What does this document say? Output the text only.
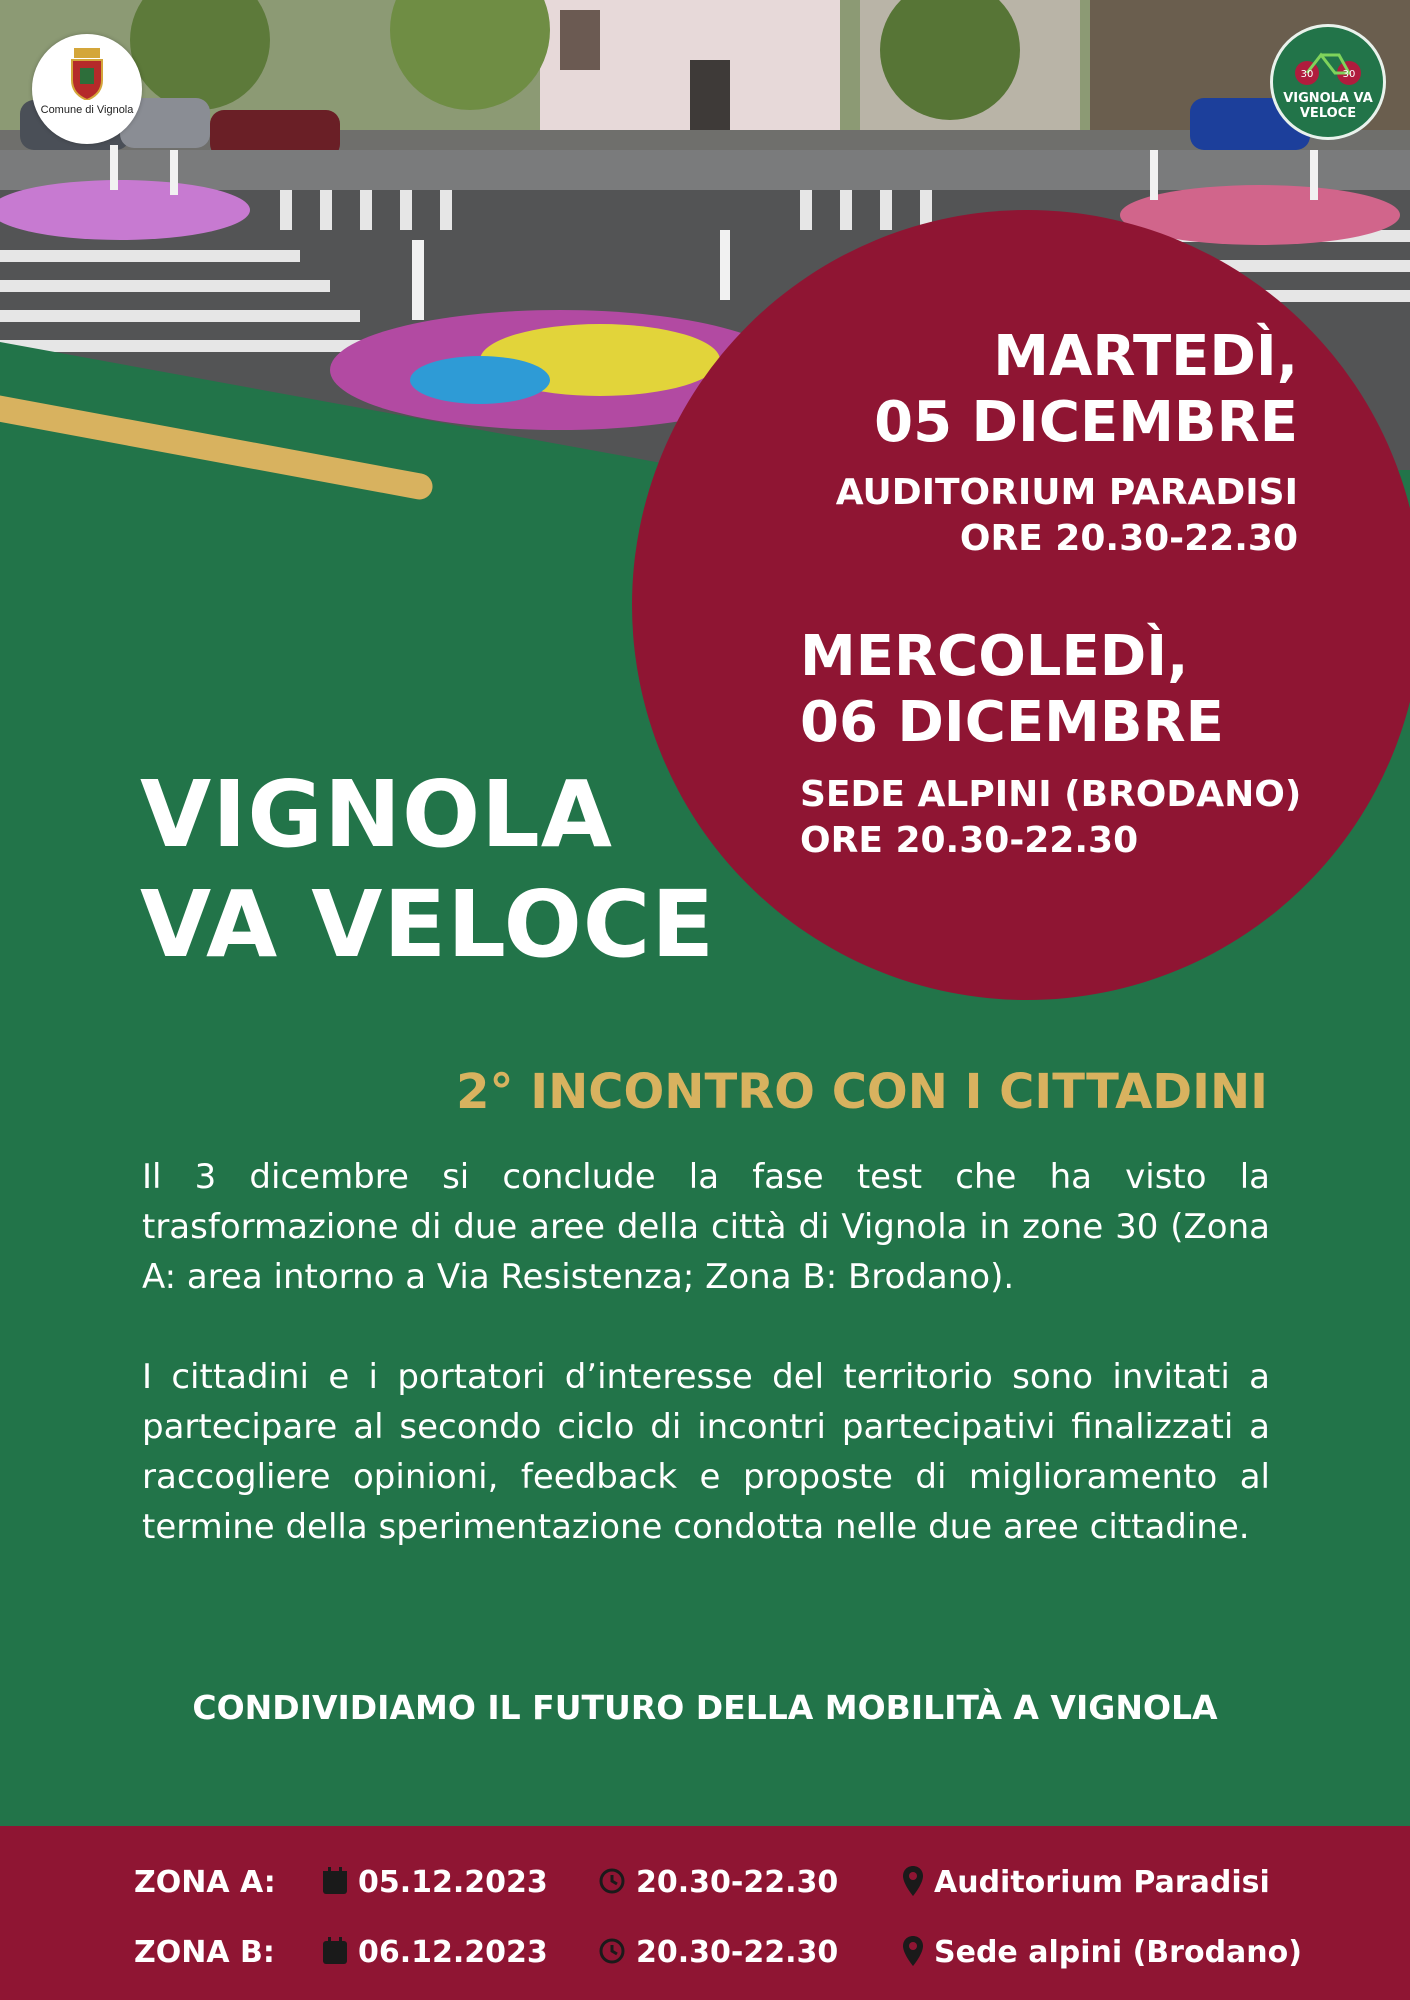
Comune di Vignola
30	30
VIGNOLA VA VELOCE
MARTEDÌ,
05 DICEMBRE
AUDITORIUM PARADISI
ORE 20.30-22.30
MERCOLEDÌ,
06 DICEMBRE
SEDE ALPINI (BRODANO)
ORE 20.30-22.30
VIGNOLA
VA VELOCE
2° INCONTRO CON I CITTADINI
Il 3 dicembre si conclude la fase test che ha visto la trasformazione di due aree della città di Vignola in zone 30 (Zona A: area intorno a Via Resistenza; Zona B: Brodano).
I cittadini e i portatori d’interesse del territorio sono invitati a partecipare al secondo ciclo di incontri partecipativi finalizzati a raccogliere opinioni, feedback e proposte di miglioramento al termine della sperimentazione condotta nelle due aree cittadine.
CONDIVIDIAMO IL FUTURO DELLA MOBILITÀ A VIGNOLA
ZONA A:	05.12.2023	20.30-22.30	Auditorium Paradisi
ZONA B:	06.12.2023	20.30-22.30	Sede alpini (Brodano)
